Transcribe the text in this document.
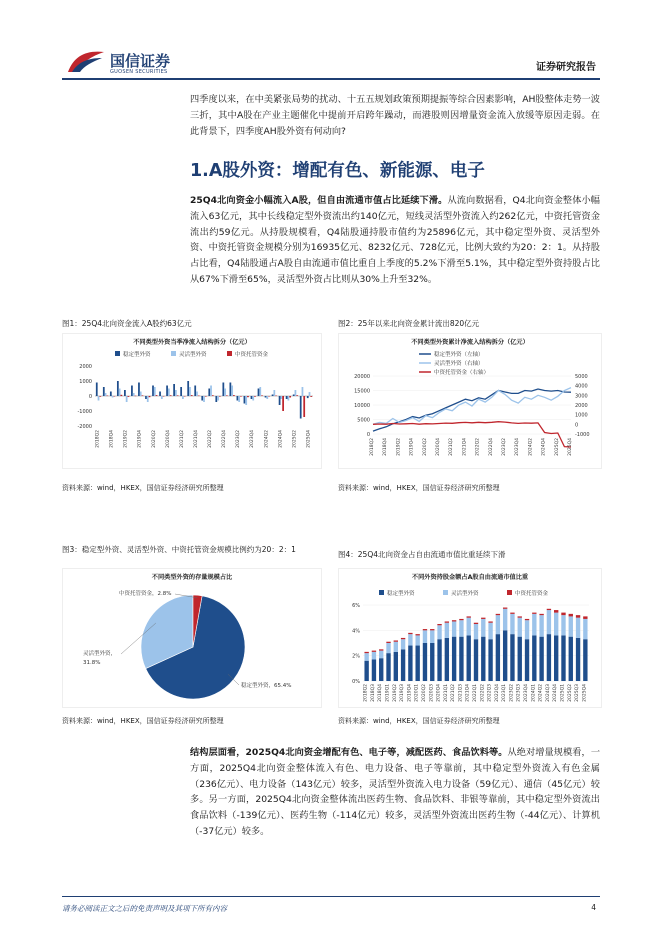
国信证券
GUOSEN SECURITIES	证券研究报告
四季度以来，在中美紧张局势的扰动、十五五规划政策预期提振等综合因素影响，AH股整体走势一波三折，其中A股在产业主题催化中提前开启跨年躁动，而港股则因增量资金流入放缓等原因走弱。在此背景下，四季度AH股外资有何动向?
1.A股外资：增配有色、新能源、电子
25Q4北向资金小幅流入A股，但自由流通市值占比延续下滑。从流向数据看，Q4北向资金整体小幅流入63亿元，其中长线稳定型外资流出约140亿元，短线灵活型外资流入约262亿元，中资托管资金流出约59亿元。从持股规模看，Q4陆股通持股市值约为25896亿元，其中稳定型外资、灵活型外资、中资托管资金规模分别为16935亿元、8232亿元、728亿元，比例大致约为20：2：1。从持股占比看，Q4陆股通占A股自由流通市值比重自上季度的5.2%下滑至5.1%，其中稳定型外资持股占比从67%下滑至65%，灵活型外资占比则从30%上升至32%。
图1：25Q4北向资金流入A股约63亿元
不同类型外资当季净流入结构拆分（亿元）
稳定型外资	灵活型外资	中资托管资金
-2000
-1000
0
1000
2000
2018Q2 2018Q4 2019Q2 2019Q4 2020Q2 2020Q4 2021Q2 2021Q4 2022Q2 2022Q4 2023Q2 2023Q4 2024Q2 2024Q4 2025Q2 2025Q4
资料来源：wind，HKEX，国信证券经济研究所整理
图2：25年以来北向资金累计流出820亿元
不同类型外资累计净流入结构拆分（亿元）
稳定型外资（左轴）
灵活型外资（右轴）
中资托管资金（右轴）
0
5000
10000
15000
20000
-1000
0
1000
2000
3000
4000
5000
2018Q2 2018Q4 2019Q2 2019Q4 2020Q2 2020Q4 2021Q2 2021Q4 2022Q2 2022Q4 2023Q2 2023Q4 2024Q2 2024Q4 2025Q2 2025Q4
资料来源：wind，HKEX，国信证券经济研究所整理
图3：稳定型外资、灵活型外资、中资托管资金规模比例约为20：2：1
不同类型外资的存量规模占比
稳定型外资，65.4%
灵活型外资，
31.8%
中资托管资金，2.8%
资料来源：wind，HKEX，国信证券经济研究所整理
图4：25Q4北向资金占自由流通市值比重延续下滑
不同外资持股金额占A股自由流通市值比重
稳定型外资	灵活型外资	中资托管资金
0%
2%
4%
6%
2018Q2 2018Q3 2018Q4 2019Q1 2019Q2 2019Q3 2019Q4 2020Q1 2020Q2 2020Q3 2020Q4 2021Q1 2021Q2 2021Q3 2021Q4 2022Q1 2022Q2 2022Q3 2022Q4 2023Q1 2023Q2 2023Q3 2023Q4 2024Q1 2024Q2 2024Q3 2024Q4 2025Q1 2025Q2 2025Q3 2025Q4
资料来源：wind，HKEX，国信证券经济研究所整理
结构层面看，2025Q4北向资金增配有色、电子等，减配医药、食品饮料等。从绝对增量规模看，一方面，2025Q4北向资金整体流入有色、电力设备、电子等靠前，其中稳定型外资流入有色金属（236亿元）、电力设备（143亿元）较多，灵活型外资流入电力设备（59亿元）、通信（45亿元）较多。另一方面，2025Q4北向资金整体流出医药生物、食品饮料、非银等靠前，其中稳定型外资流出食品饮料（-139亿元）、医药生物（-114亿元）较多，灵活型外资流出医药生物（-44亿元）、计算机（-37亿元）较多。
请务必阅读正文之后的免责声明及其项下所有内容	4
